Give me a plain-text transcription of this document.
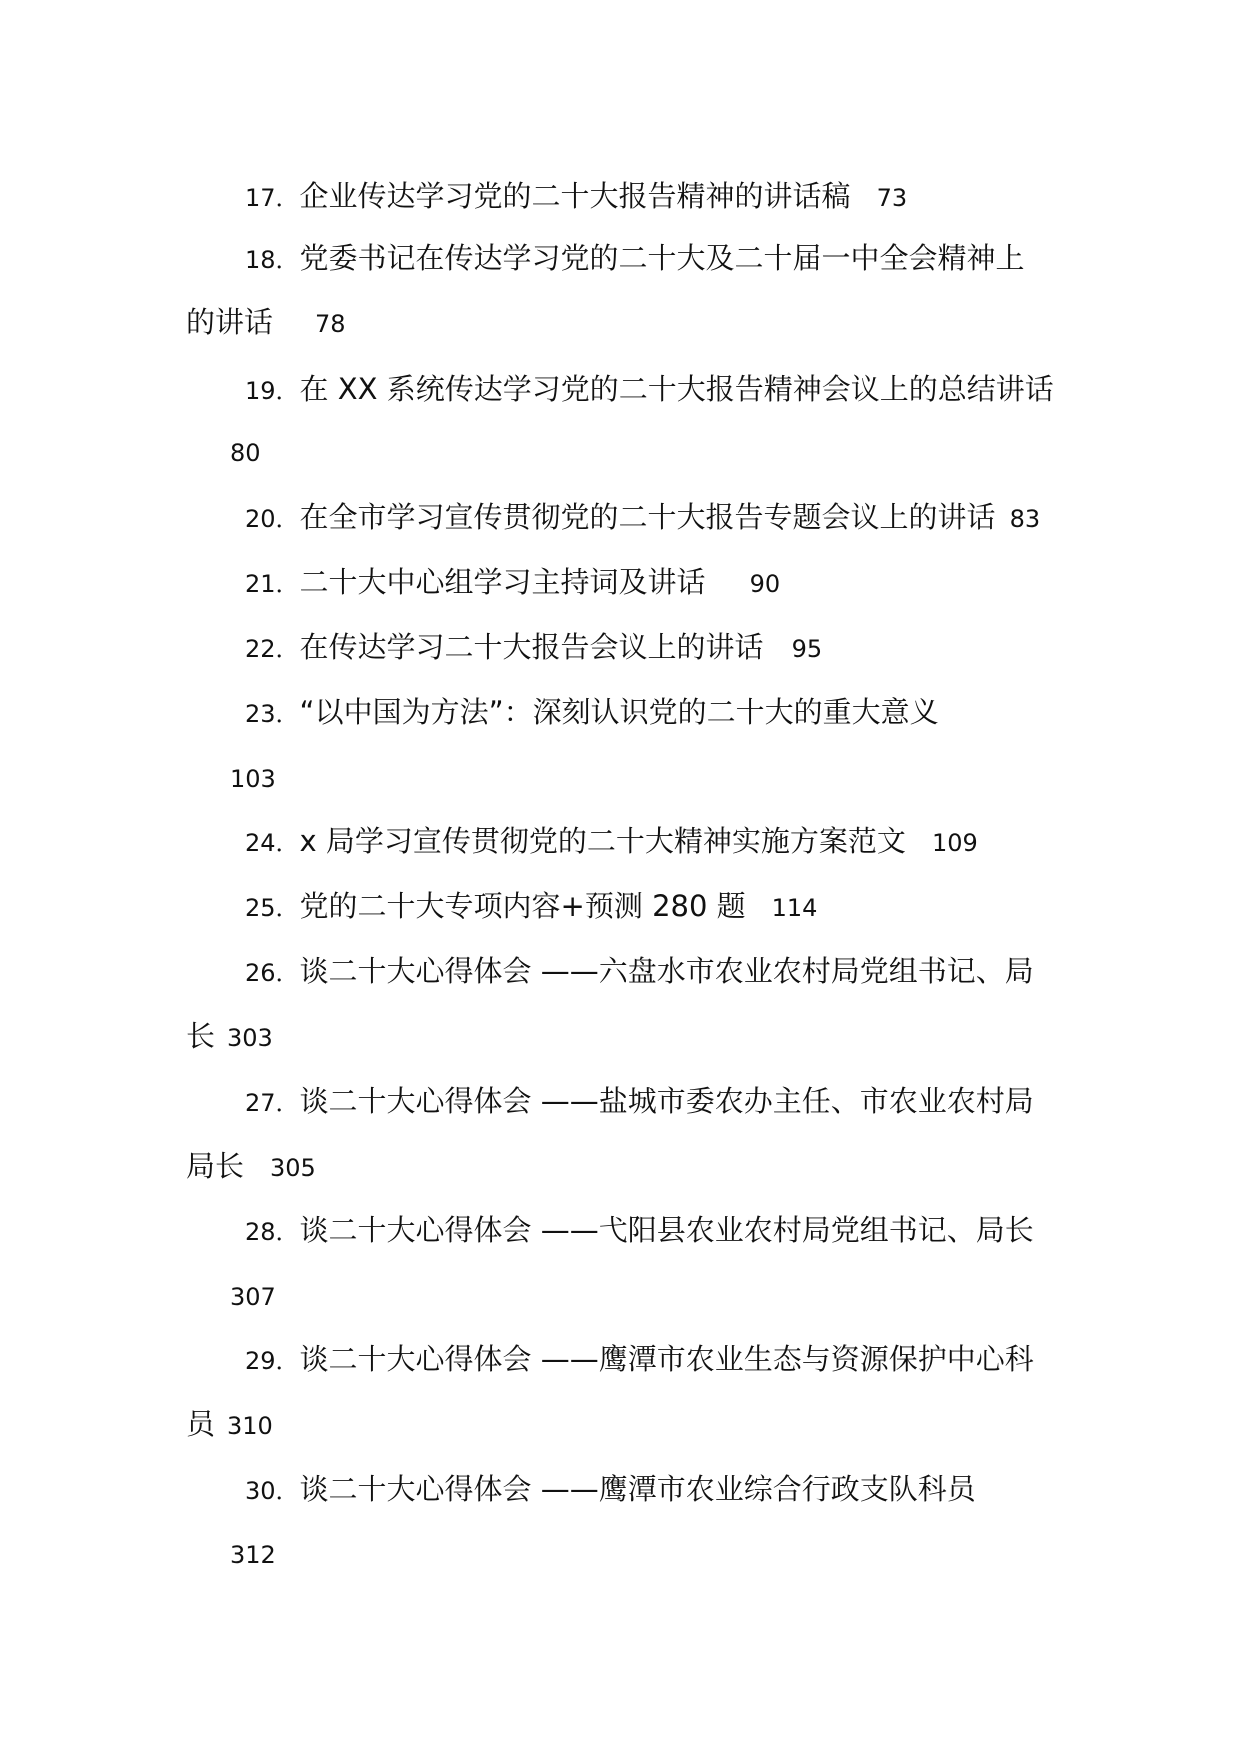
17．企业传达学习党的二十大报告精神的讲话稿 73
18．党委书记在传达学习党的二十大及二十届一中全会精神上
的讲话 78
19．在 XX 系统传达学习党的二十大报告精神会议上的总结讲话
80
20．在全市学习宣传贯彻党的二十大报告专题会议上的讲话 83
21．二十大中心组学习主持词及讲话 90
22．在传达学习二十大报告会议上的讲话 95
23．“以中国为方法”：深刻认识党的二十大的重大意义
103
24．x 局学习宣传贯彻党的二十大精神实施方案范文 109
25．党的二十大专项内容+预测 280 题 114
26．谈二十大心得体会 ——六盘水市农业农村局党组书记、局
长 303
27．谈二十大心得体会 ——盐城市委农办主任、市农业农村局
局长 305
28．谈二十大心得体会 ——弋阳县农业农村局党组书记、局长
307
29．谈二十大心得体会 ——鹰潭市农业生态与资源保护中心科
员 310
30．谈二十大心得体会 ——鹰潭市农业综合行政支队科员
312
